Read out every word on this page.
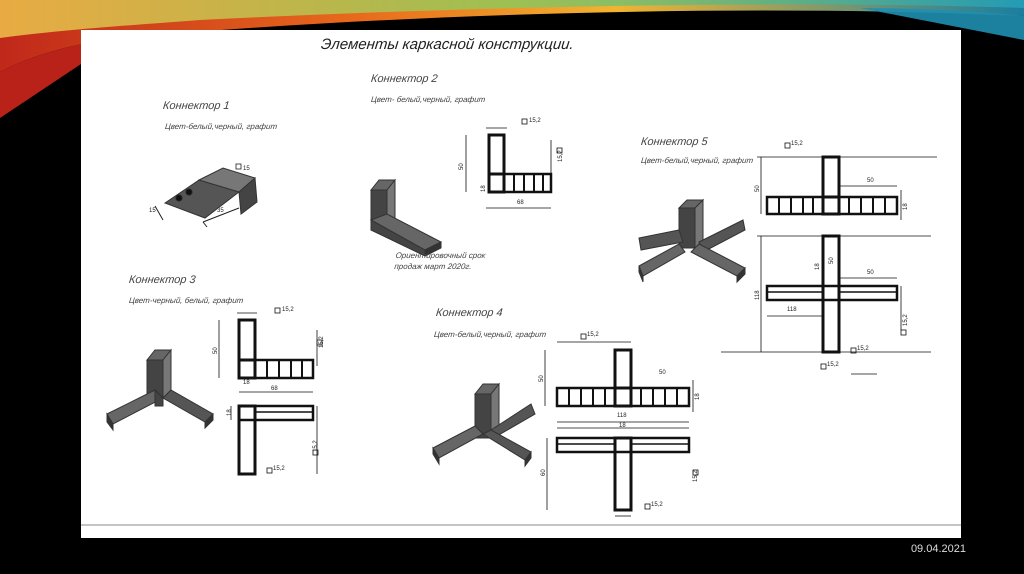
Элементы каркасной конструкции.
Коннектор 1
Цвет-белый,черный, графит
Коннектор 2
Цвет- белый,черный, графит
Коннектор 3
Цвет-черный, белый, графит
Коннектор 4
Цвет-белый,черный, графит
Коннектор 5
Цвет-белый,черный, графит
Ориентировочный срок
продаж март 2020г.
15
35
15
15,2
15,2
50
18
68
15,2
15,2
50
18
68
18
15,2
15,2
15,2
50
50
18
118
18
60
15,2
15,2
15,2
50
50
18
18
50
50
118
118
15,2
15,2
15,2
09.04.2021
